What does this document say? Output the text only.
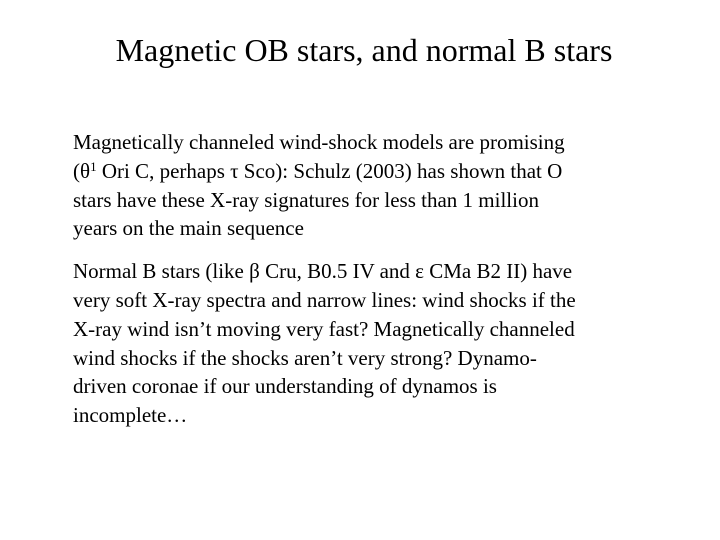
Magnetic OB stars, and normal B stars
Magnetically channeled wind-shock models are promising
($\theta^1$ Ori C, perhaps τ Sco): Schulz (2003) has shown that O
stars have these X-ray signatures for less than 1 million
years on the main sequence
Normal B stars (like β Cru, B0.5 IV and ε CMa B2 II) have
very soft X-ray spectra and narrow lines: wind shocks if the
X-ray wind isn’t moving very fast? Magnetically channeled
wind shocks if the shocks aren’t very strong? Dynamo-
driven coronae if our understanding of dynamos is
incomplete…
